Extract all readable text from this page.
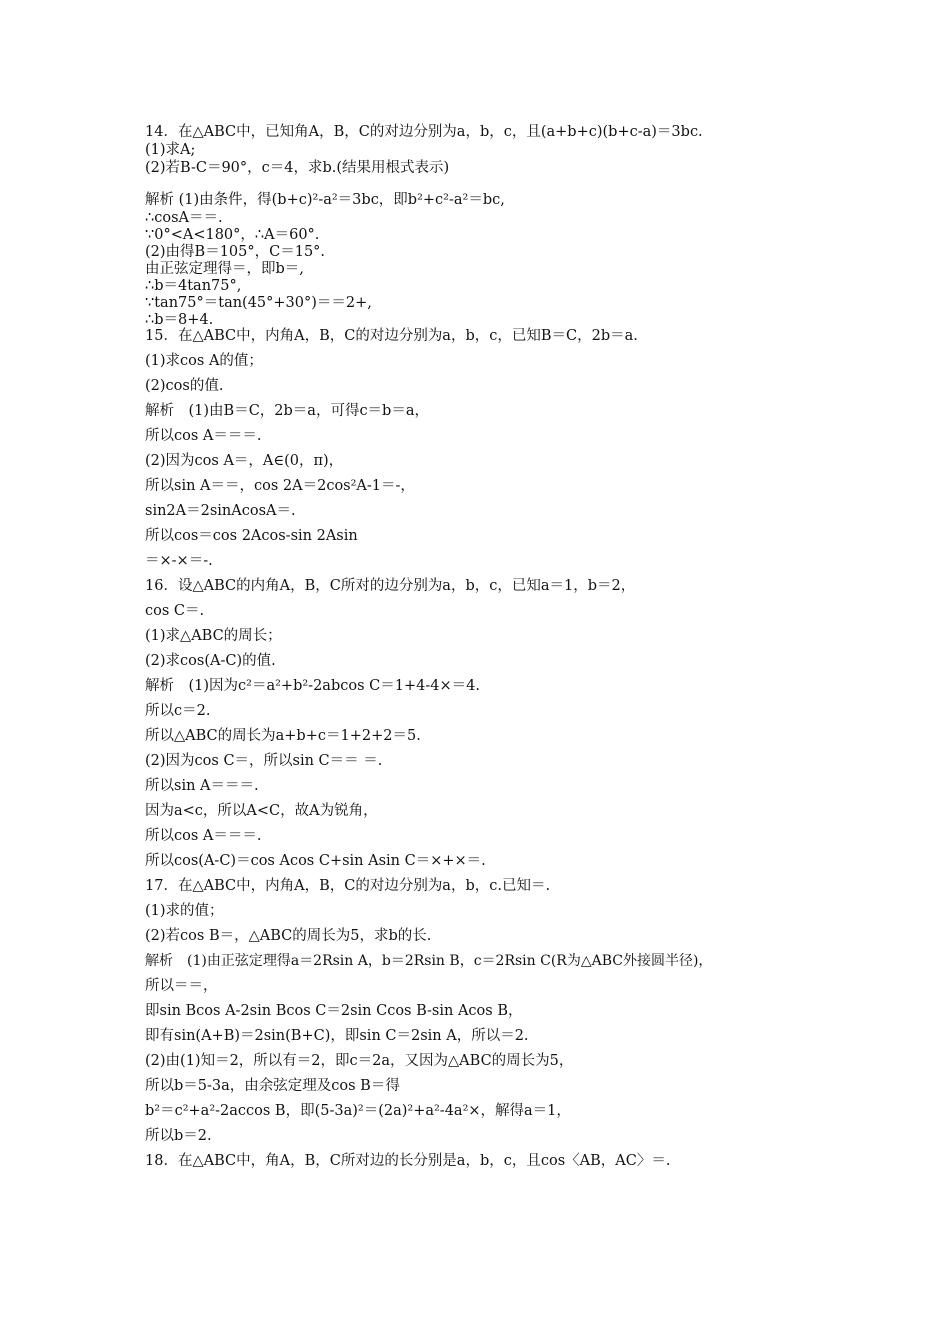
14．在△ABC中，已知角A，B，C的对边分别为a，b，c，且(a+b+c)(b+c-a)＝3bc.
(1)求A;
(2)若B-C＝90°，c＝4，求b.(结果用根式表示)
解析 (1)由条件，得(b+c)²-a²＝3bc，即b²+c²-a²＝bc,
∴cosA＝＝.
∵0°<A<180°，∴A＝60°.
(2)由得B＝105°，C＝15°.
由正弦定理得＝，即b＝,
∴b＝4tan75°,
∵tan75°＝tan(45°+30°)＝＝2+,
∴b＝8+4.
15．在△ABC中，内角A，B，C的对边分别为a，b，c，已知B＝C，2b＝a.
(1)求cos A的值；
(2)cos的值.
解析　(1)由B＝C，2b＝a，可得c＝b＝a，
所以cos A＝＝＝.
(2)因为cos A＝，A∈(0，π)，
所以sin A＝＝，cos 2A＝2cos²A-1＝-，
sin2A＝2sinAcosA＝.
所以cos＝cos 2Acos-sin 2Asin
＝×-×＝-.
16．设△ABC的内角A，B，C所对的边分别为a，b，c，已知a＝1，b＝2，
cos C＝.
(1)求△ABC的周长；
(2)求cos(A-C)的值.
解析　(1)因为c²＝a²+b²-2abcos C＝1+4-4×＝4.
所以c＝2.
所以△ABC的周长为a+b+c＝1+2+2＝5.
(2)因为cos C＝，所以sin C＝＝ ＝.
所以sin A＝＝＝.
因为a<c，所以A<C，故A为锐角，
所以cos A＝＝＝.
所以cos(A-C)＝cos Acos C+sin Asin C＝×+×＝.
17．在△ABC中，内角A，B，C的对边分别为a，b，c.已知＝.
(1)求的值；
(2)若cos B＝，△ABC的周长为5，求b的长.
解析　(1)由正弦定理得a＝2Rsin A，b＝2Rsin B，c＝2Rsin C(R为△ABC外接圆半径)，
所以＝＝，
即sin Bcos A-2sin Bcos C＝2sin Ccos B-sin Acos B，
即有sin(A+B)＝2sin(B+C)，即sin C＝2sin A，所以＝2.
(2)由(1)知＝2，所以有＝2，即c＝2a，又因为△ABC的周长为5，
所以b＝5-3a，由余弦定理及cos B＝得
b²＝c²+a²-2accos B，即(5-3a)²＝(2a)²+a²-4a²×，解得a＝1，
所以b＝2.
18．在△ABC中，角A，B，C所对边的长分别是a，b，c，且cos〈AB，AC〉＝.
